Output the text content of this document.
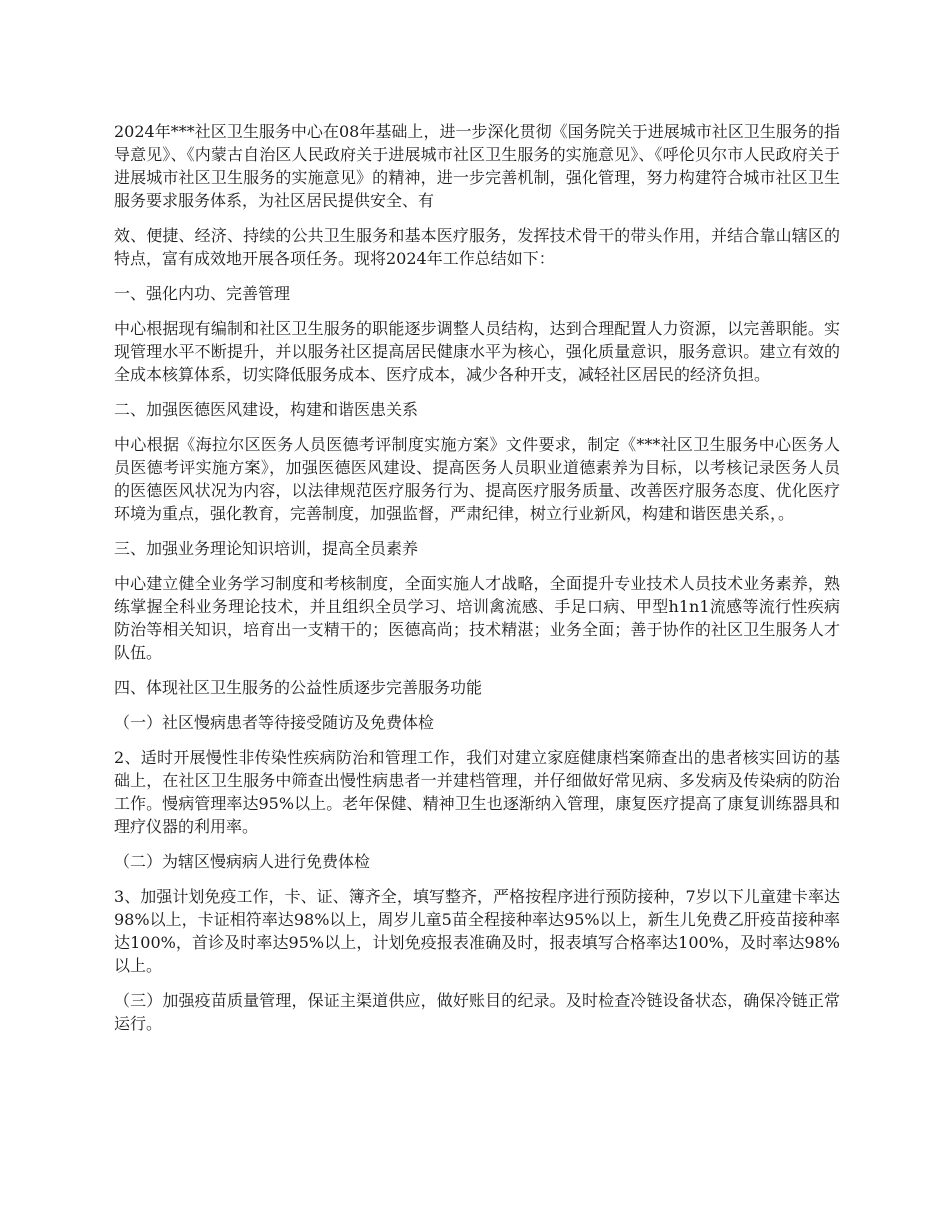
2024年***社区卫生服务中心在08年基础上，进一步深化贯彻《国务院关于进展城市社区卫生服务的指导意见》、《内蒙古自治区人民政府关于进展城市社区卫生服务的实施意见》、《呼伦贝尔市人民政府关于进展城市社区卫生服务的实施意见》的精神，进一步完善机制，强化管理，努力构建符合城市社区卫生服务要求服务体系，为社区居民提供安全、有

效、便捷、经济、持续的公共卫生服务和基本医疗服务，发挥技术骨干的带头作用，并结合靠山辖区的特点，富有成效地开展各项任务。现将2024年工作总结如下：

一、强化内功、完善管理

中心根据现有编制和社区卫生服务的职能逐步调整人员结构，达到合理配置人力资源，以完善职能。实现管理水平不断提升，并以服务社区提高居民健康水平为核心，强化质量意识，服务意识。建立有效的全成本核算体系，切实降低服务成本、医疗成本，减少各种开支，减轻社区居民的经济负担。

二、加强医德医风建设，构建和谐医患关系

中心根据《海拉尔区医务人员医德考评制度实施方案》文件要求，制定《***社区卫生服务中心医务人员医德考评实施方案》，加强医德医风建设、提高医务人员职业道德素养为目标，以考核记录医务人员的医德医风状况为内容，以法律规范医疗服务行为、提高医疗服务质量、改善医疗服务态度、优化医疗环境为重点，强化教育，完善制度，加强监督，严肃纪律，树立行业新风，构建和谐医患关系，。

三、加强业务理论知识培训，提高全员素养

中心建立健全业务学习制度和考核制度，全面实施人才战略，全面提升专业技术人员技术业务素养，熟练掌握全科业务理论技术，并且组织全员学习、培训禽流感、手足口病、甲型h1n1流感等流行性疾病防治等相关知识，培育出一支精干的；医德高尚；技术精湛；业务全面；善于协作的社区卫生服务人才队伍。

四、体现社区卫生服务的公益性质逐步完善服务功能

（一）社区慢病患者等待接受随访及免费体检

2、适时开展慢性非传染性疾病防治和管理工作，我们对建立家庭健康档案筛查出的患者核实回访的基础上，在社区卫生服务中筛查出慢性病患者一并建档管理，并仔细做好常见病、多发病及传染病的防治工作。慢病管理率达95%以上。老年保健、精神卫生也逐渐纳入管理，康复医疗提高了康复训练器具和理疗仪器的利用率。

（二）为辖区慢病病人进行免费体检

3、加强计划免疫工作，卡、证、簿齐全，填写整齐，严格按程序进行预防接种，7岁以下儿童建卡率达98%以上，卡证相符率达98%以上，周岁儿童5苗全程接种率达95%以上，新生儿免费乙肝疫苗接种率达100%，首诊及时率达95%以上，计划免疫报表准确及时，报表填写合格率达100%，及时率达98%以上。

（三）加强疫苗质量管理，保证主渠道供应，做好账目的纪录。及时检查冷链设备状态，确保冷链正常运行。
